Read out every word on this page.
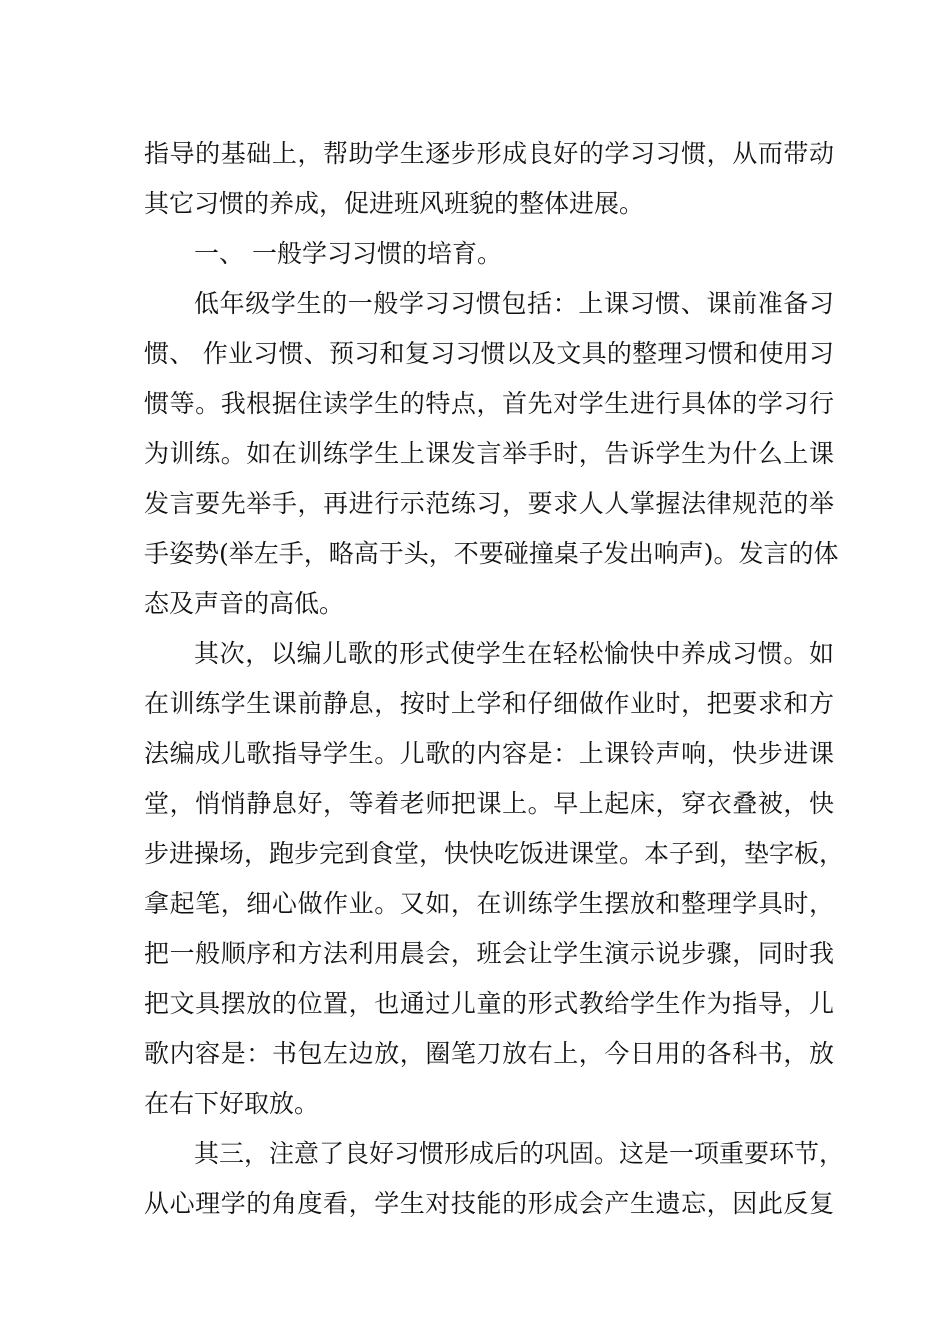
指导的基础上，帮助学生逐步形成良好的学习习惯，从而带动
其它习惯的养成，促进班风班貌的整体进展。
一、 一般学习习惯的培育。
低年级学生的一般学习习惯包括：上课习惯、课前准备习
惯、 作业习惯、预习和复习习惯以及文具的整理习惯和使用习
惯等。我根据住读学生的特点，首先对学生进行具体的学习行
为训练。如在训练学生上课发言举手时，告诉学生为什么上课
发言要先举手，再进行示范练习，要求人人掌握法律规范的举
手姿势(举左手，略高于头，不要碰撞桌子发出响声)。发言的体
态及声音的高低。
其次，以编儿歌的形式使学生在轻松愉快中养成习惯。如
在训练学生课前静息，按时上学和仔细做作业时，把要求和方
法编成儿歌指导学生。儿歌的内容是：上课铃声响，快步进课
堂，悄悄静息好，等着老师把课上。早上起床，穿衣叠被，快
步进操场，跑步完到食堂，快快吃饭进课堂。本子到，垫字板，
拿起笔，细心做作业。又如，在训练学生摆放和整理学具时，
把一般顺序和方法利用晨会，班会让学生演示说步骤，同时我
把文具摆放的位置，也通过儿童的形式教给学生作为指导，儿
歌内容是：书包左边放，圈笔刀放右上，今日用的各科书，放
在右下好取放。
其三，注意了良好习惯形成后的巩固。这是一项重要环节，
从心理学的角度看，学生对技能的形成会产生遗忘，因此反复
